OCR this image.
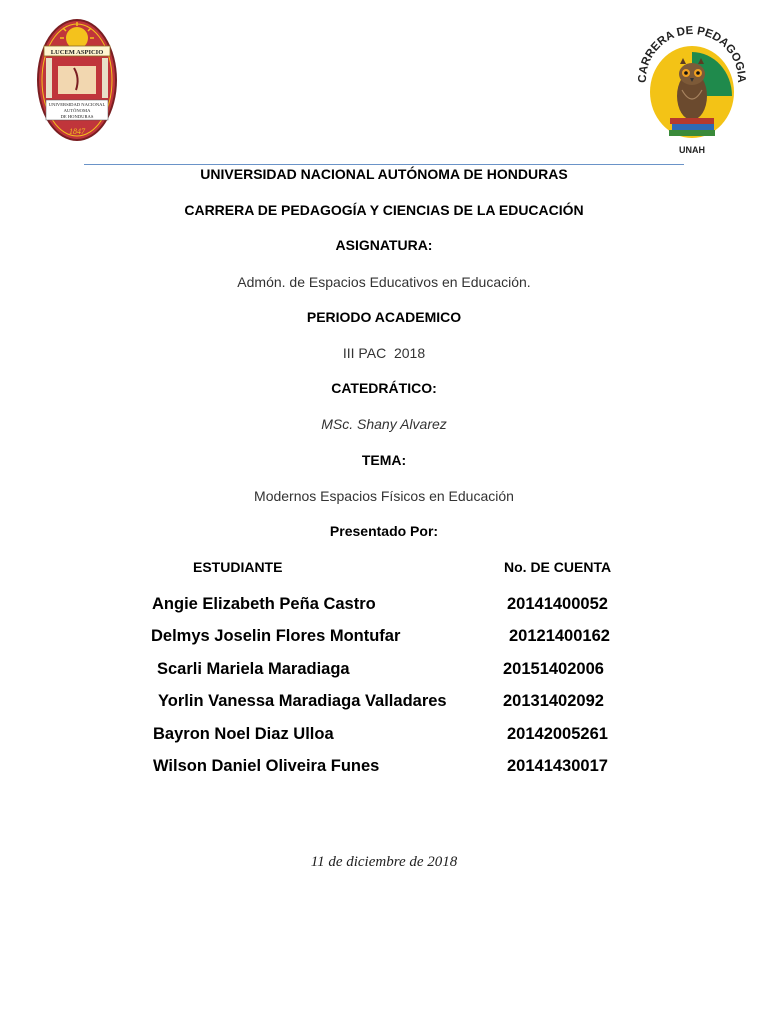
LUCEM ASPICIO
UNIVERSIDAD NACIONAL
AUTÓNOMA
DE HONDURAS
1847
CARRERA DE PEDAGOGIA
UNAH
UNIVERSIDAD NACIONAL AUTÓNOMA DE HONDURAS
CARRERA DE PEDAGOGÍA Y CIENCIAS DE LA EDUCACIÓN
ASIGNATURA:
Admón. de Espacios Educativos en Educación.
PERIODO ACADEMICO
III PAC  2018
CATEDRÁTICO:
MSc. Shany Alvarez
TEMA:
Modernos Espacios Físicos en Educación
Presentado Por:
ESTUDIANTE	No. DE CUENTA
Angie Elizabeth Peña Castro	20141400052
Delmys Joselin Flores Montufar	20121400162
Scarli Mariela Maradiaga	20151402006
Yorlin Vanessa Maradiaga Valladares	20131402092
Bayron Noel Diaz Ulloa	20142005261
Wilson Daniel Oliveira Funes	20141430017
11 de diciembre de 2018
